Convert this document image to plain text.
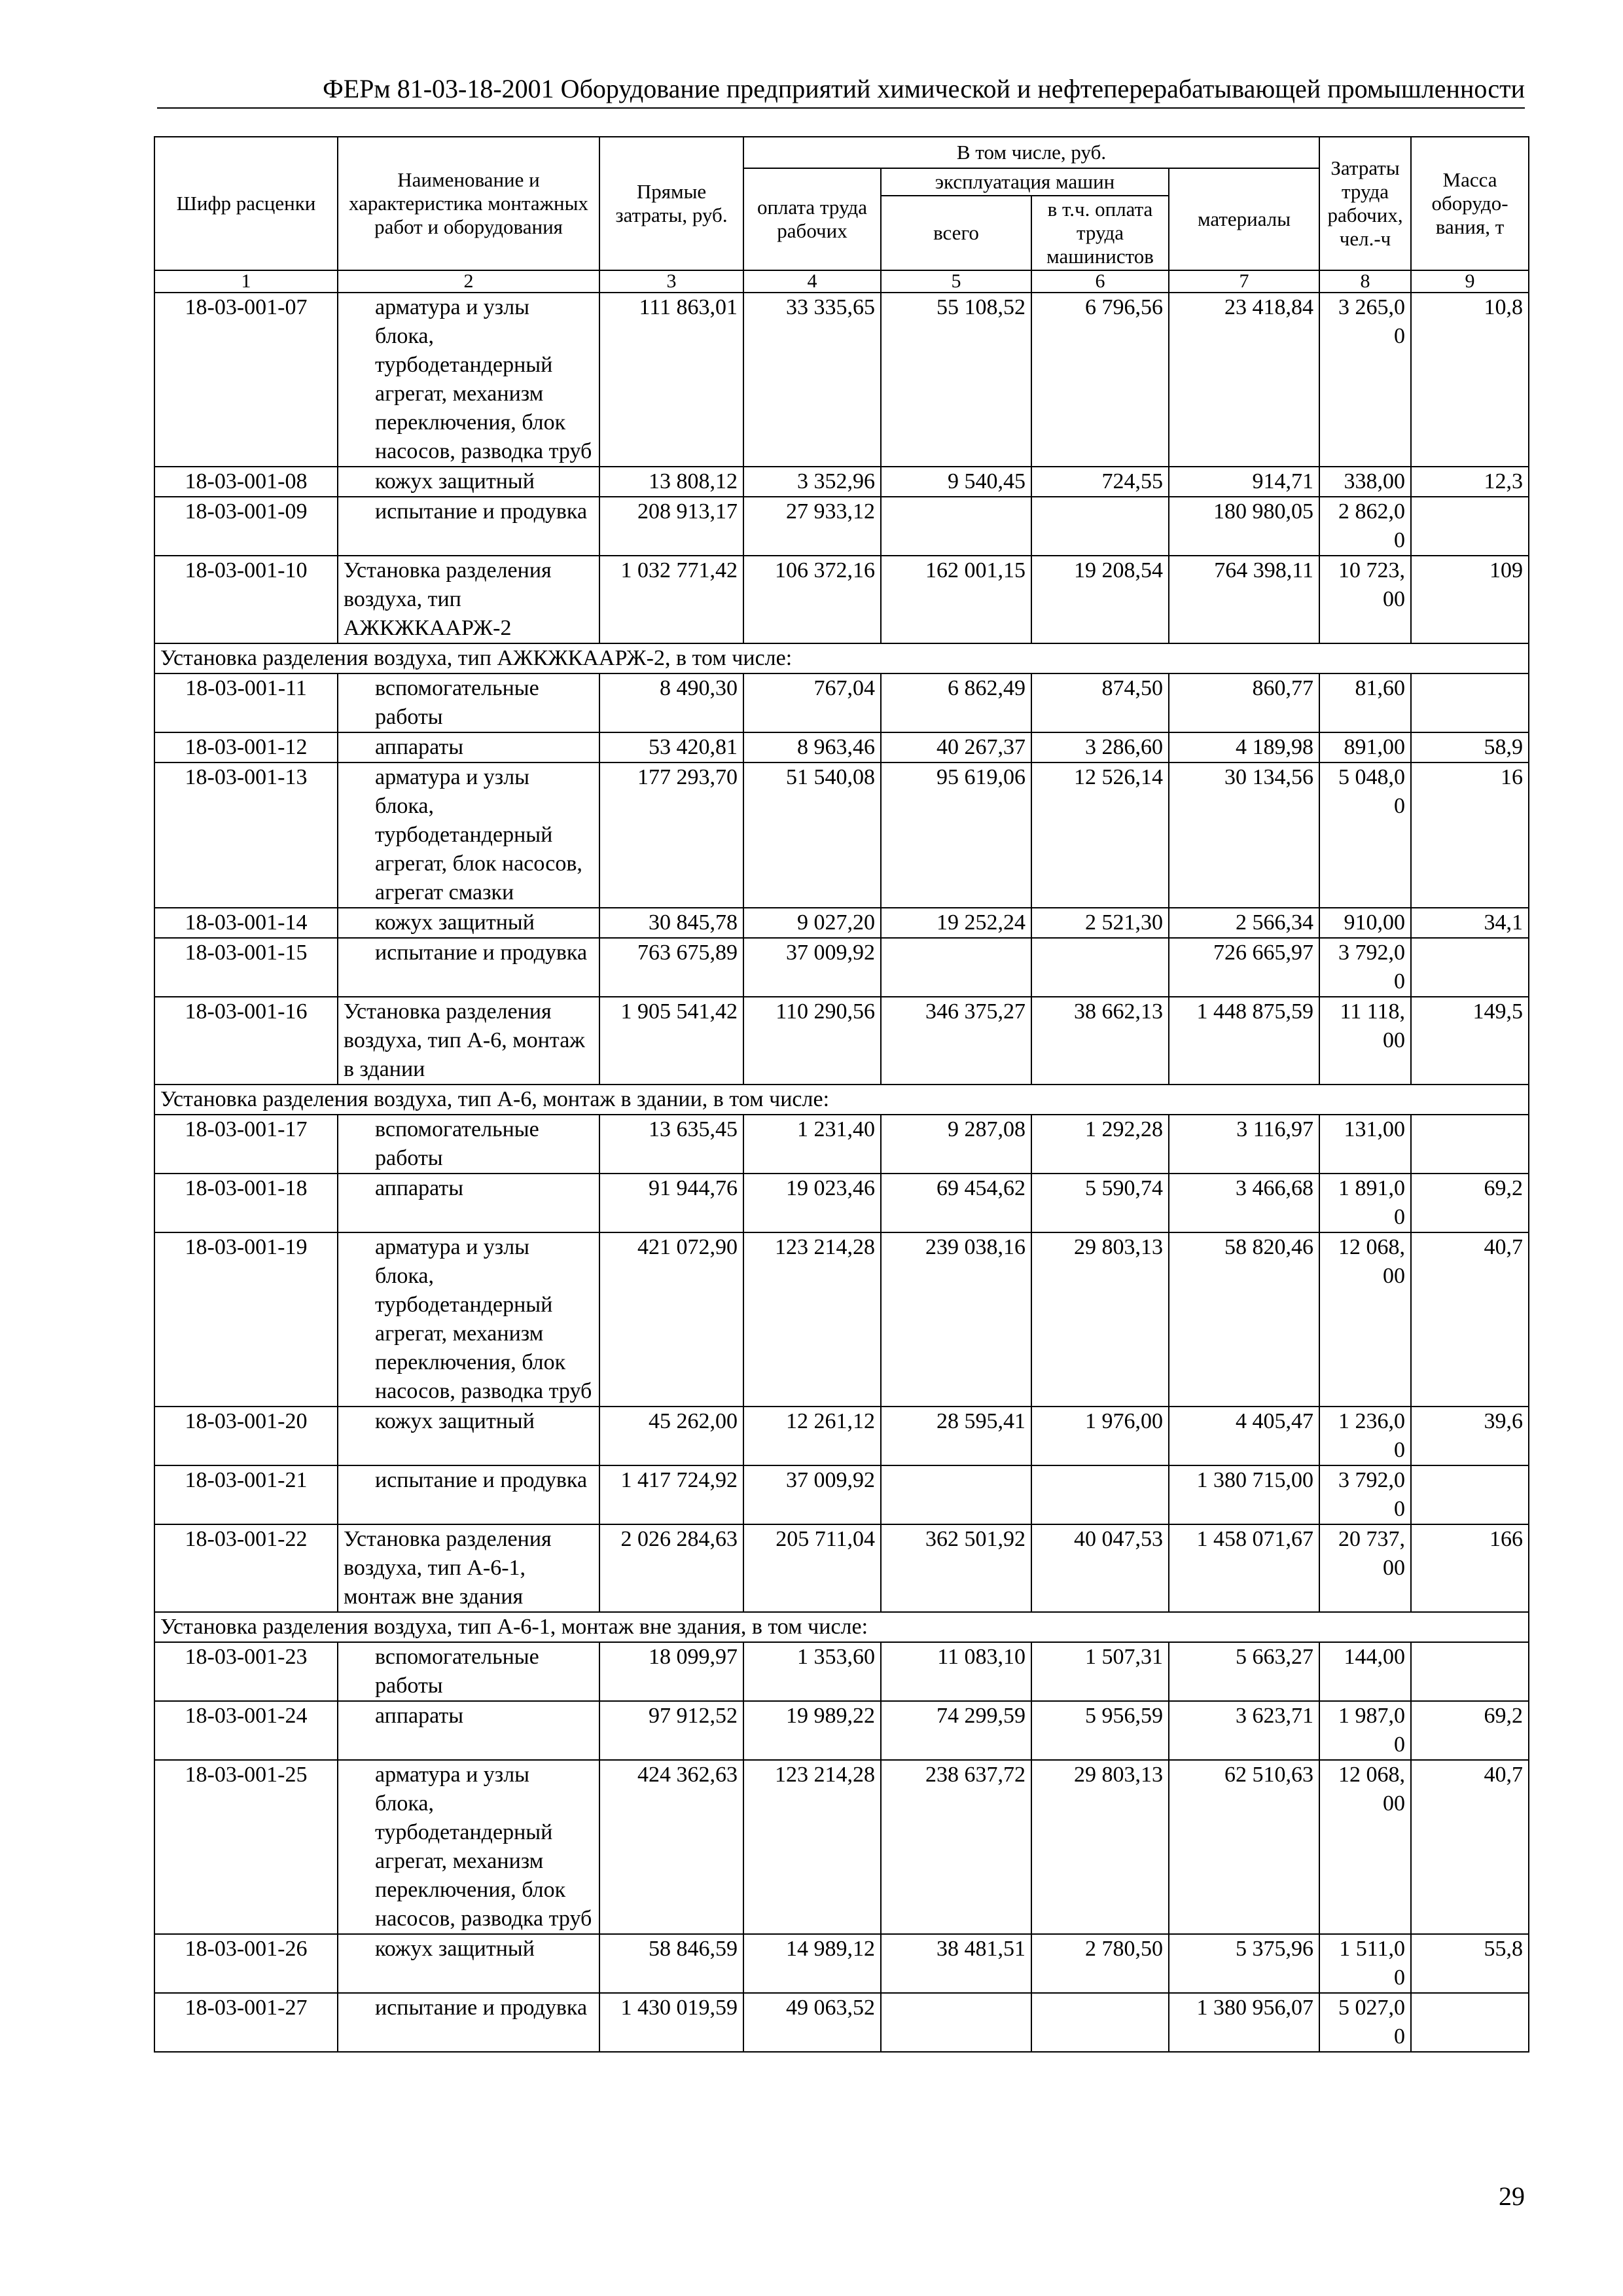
ФЕРм 81-03-18-2001 Оборудование предприятий химической и нефтеперерабатывающей промышленности
Шифр расценки	Наименование и характеристика монтажных работ и оборудования	Прямые затраты, руб.	В том числе, руб.				Затраты труда рабочих, чел.-ч	Масса оборудо-вания, т
			оплата труда рабочих	эксплуатация машин		материалы		
				всего	в т.ч. оплата труда машинистов			
1	2	3	4	5	6	7	8	9
18-03-001-07	арматура и узлы блока, турбодетандерный агрегат, механизм переключения, блок насосов, разводка труб	111 863,01	33 335,65	55 108,52	6 796,56	23 418,84	3 265,0 0	10,8
18-03-001-08	кожух защитный	13 808,12	3 352,96	9 540,45	724,55	914,71	338,00	12,3
18-03-001-09	испытание и продувка	208 913,17	27 933,12			180 980,05	2 862,0 0	
18-03-001-10	Установка разделения воздуха, тип АЖКЖКААРЖ-2	1 032 771,42	106 372,16	162 001,15	19 208,54	764 398,11	10 723, 00	109
Установка разделения воздуха, тип АЖКЖКААРЖ-2, в том числе:								
18-03-001-11	вспомогательные работы	8 490,30	767,04	6 862,49	874,50	860,77	81,60	
18-03-001-12	аппараты	53 420,81	8 963,46	40 267,37	3 286,60	4 189,98	891,00	58,9
18-03-001-13	арматура и узлы блока, турбодетандерный агрегат, блок насосов, агрегат смазки	177 293,70	51 540,08	95 619,06	12 526,14	30 134,56	5 048,0 0	16
18-03-001-14	кожух защитный	30 845,78	9 027,20	19 252,24	2 521,30	2 566,34	910,00	34,1
18-03-001-15	испытание и продувка	763 675,89	37 009,92			726 665,97	3 792,0 0	
18-03-001-16	Установка разделения воздуха, тип А-6, монтаж в здании	1 905 541,42	110 290,56	346 375,27	38 662,13	1 448 875,59	11 118, 00	149,5
Установка разделения воздуха, тип А-6, монтаж в здании, в том числе:								
18-03-001-17	вспомогательные работы	13 635,45	1 231,40	9 287,08	1 292,28	3 116,97	131,00	
18-03-001-18	аппараты	91 944,76	19 023,46	69 454,62	5 590,74	3 466,68	1 891,0 0	69,2
18-03-001-19	арматура и узлы блока, турбодетандерный агрегат, механизм переключения, блок насосов, разводка труб	421 072,90	123 214,28	239 038,16	29 803,13	58 820,46	12 068, 00	40,7
18-03-001-20	кожух защитный	45 262,00	12 261,12	28 595,41	1 976,00	4 405,47	1 236,0 0	39,6
18-03-001-21	испытание и продувка	1 417 724,92	37 009,92			1 380 715,00	3 792,0 0	
18-03-001-22	Установка разделения воздуха, тип А-6-1, монтаж вне здания	2 026 284,63	205 711,04	362 501,92	40 047,53	1 458 071,67	20 737, 00	166
Установка разделения воздуха, тип А-6-1, монтаж вне здания, в том числе:								
18-03-001-23	вспомогательные работы	18 099,97	1 353,60	11 083,10	1 507,31	5 663,27	144,00	
18-03-001-24	аппараты	97 912,52	19 989,22	74 299,59	5 956,59	3 623,71	1 987,0 0	69,2
18-03-001-25	арматура и узлы блока, турбодетандерный агрегат, механизм переключения, блок насосов, разводка труб	424 362,63	123 214,28	238 637,72	29 803,13	62 510,63	12 068, 00	40,7
18-03-001-26	кожух защитный	58 846,59	14 989,12	38 481,51	2 780,50	5 375,96	1 511,0 0	55,8
18-03-001-27	испытание и продувка	1 430 019,59	49 063,52			1 380 956,07	5 027,0 0	
29
